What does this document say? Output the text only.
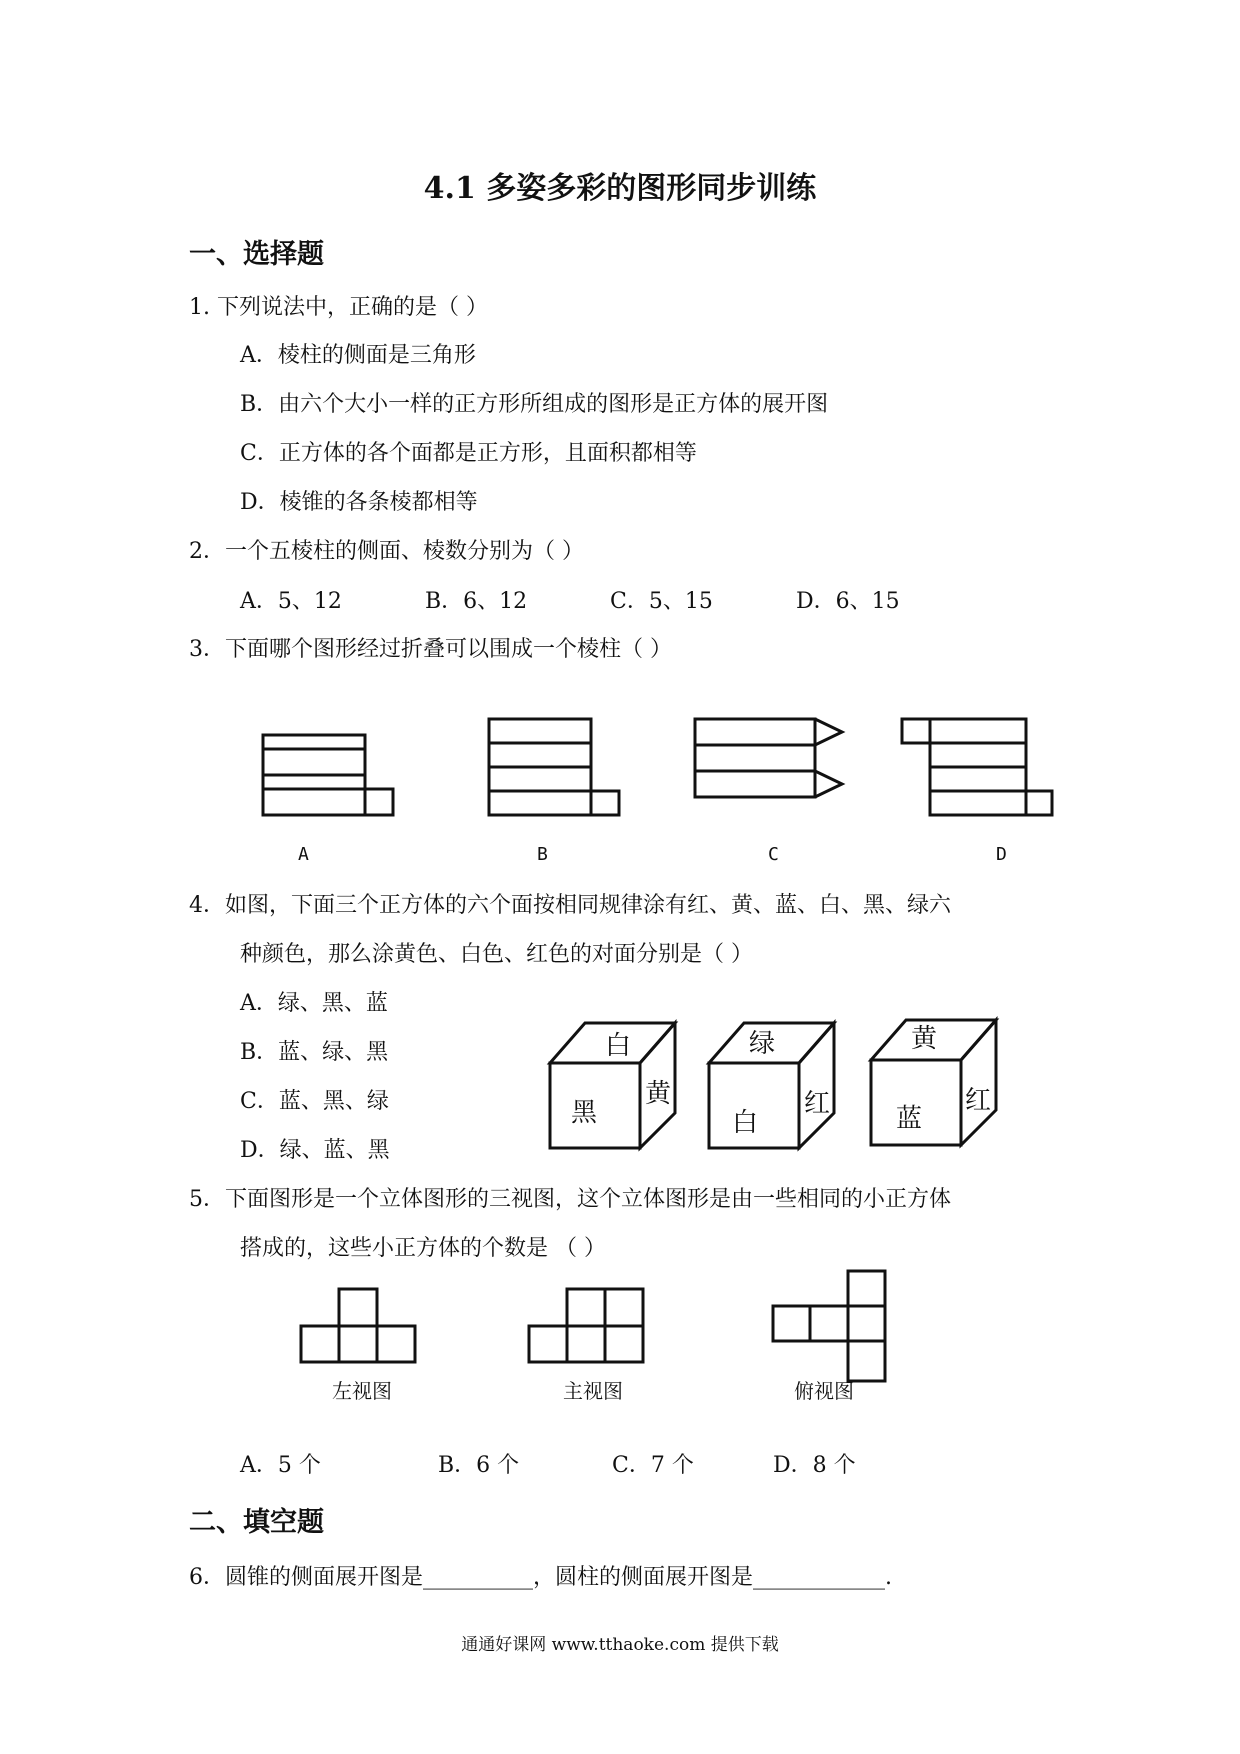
4.1 多姿多彩的图形同步训练
一、选择题
1. 下列说法中，正确的是（ ）
A．棱柱的侧面是三角形
B．由六个大小一样的正方形所组成的图形是正方体的展开图
C．正方体的各个面都是正方形，且面积都相等
D．棱锥的各条棱都相等
2．一个五棱柱的侧面、棱数分别为（ ）
A．5、12	B．6、12	C．5、15	D．6、15
3．下面哪个图形经过折叠可以围成一个棱柱（ ）
A	B	C	D
4．如图，下面三个正方体的六个面按相同规律涂有红、黄、蓝、白、黑、绿六
种颜色，那么涂黄色、白色、红色的对面分别是（ ）
A．绿、黑、蓝
B．蓝、绿、黑
C．蓝、黑、绿
D．绿、蓝、黑
白
黑
黄
绿
白
红
黄
蓝
红
5．下面图形是一个立体图形的三视图，这个立体图形是由一些相同的小正方体
搭成的，这些小正方体的个数是 （ ）
左视图	主视图	俯视图
A．5 个	B．6 个	C．7 个	D．8 个
二、填空题
6．圆锥的侧面展开图是__________，圆柱的侧面展开图是____________.
通通好课网 www.tthaoke.com 提供下载
